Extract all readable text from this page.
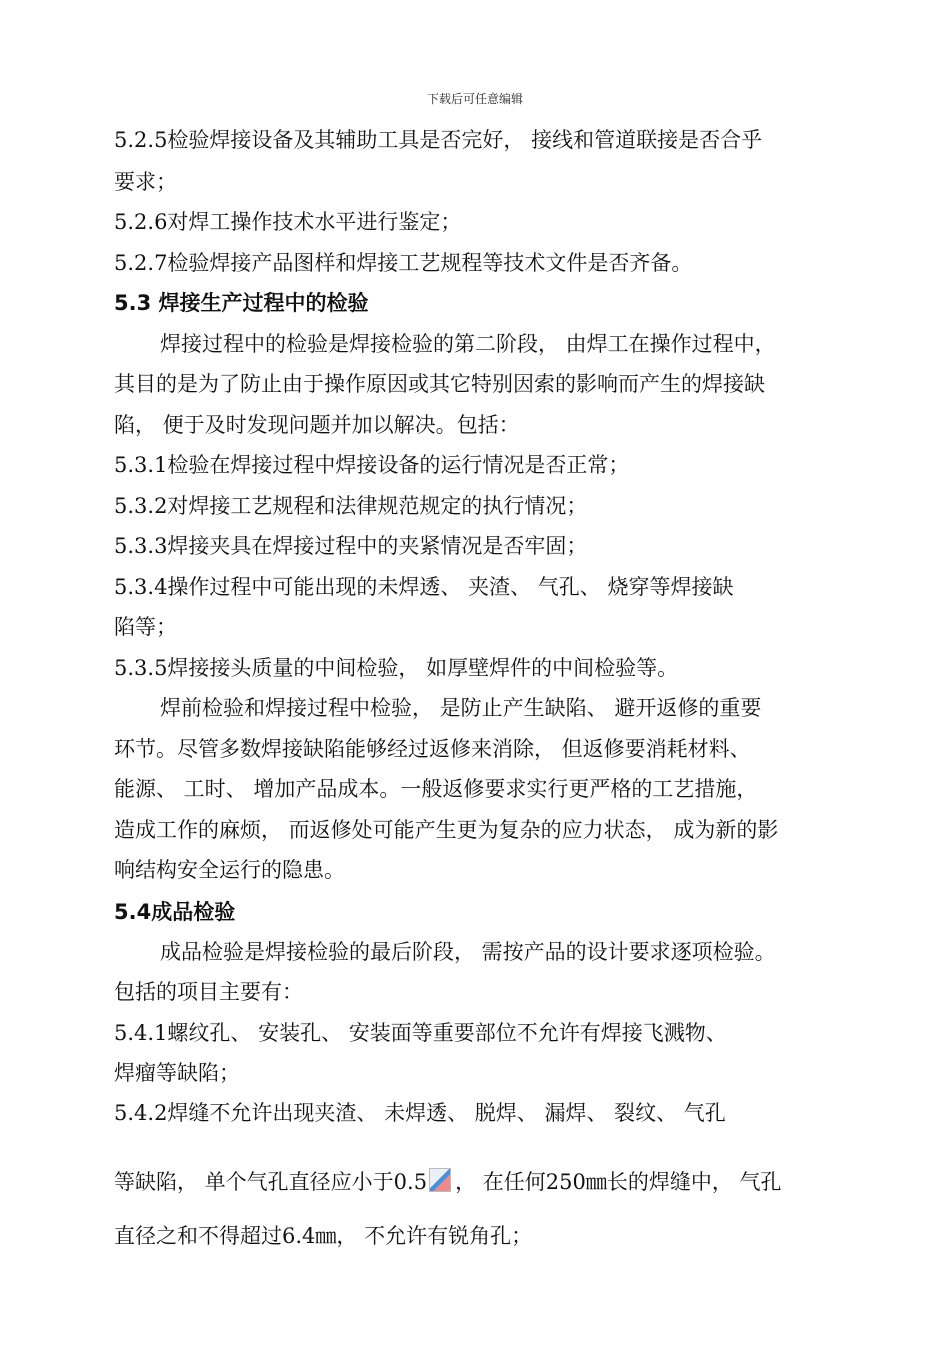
下载后可任意编辑
5.2.5检验焊接设备及其辅助工具是否完好， 接线和管道联接是否合乎
要求；
5.2.6对焊工操作技术水平进行鉴定；
5.2.7检验焊接产品图样和焊接工艺规程等技术文件是否齐备。
5.3 焊接生产过程中的检验
焊接过程中的检验是焊接检验的第二阶段， 由焊工在操作过程中，
其目的是为了防止由于操作原因或其它特别因索的影响而产生的焊接缺
陷， 便于及时发现问题并加以解决。包括：
5.3.1检验在焊接过程中焊接设备的运行情况是否正常；
5.3.2对焊接工艺规程和法律规范规定的执行情况；
5.3.3焊接夹具在焊接过程中的夹紧情况是否牢固；
5.3.4操作过程中可能出现的未焊透、 夹渣、 气孔、 烧穿等焊接缺
陷等；
5.3.5焊接接头质量的中间检验， 如厚壁焊件的中间检验等。
焊前检验和焊接过程中检验， 是防止产生缺陷、 避开返修的重要
环节。尽管多数焊接缺陷能够经过返修来消除， 但返修要消耗材料、
能源、 工时、 增加产品成本。一般返修要求实行更严格的工艺措施，
造成工作的麻烦， 而返修处可能产生更为复杂的应力状态， 成为新的影
响结构安全运行的隐患。
5.4成品检验
成品检验是焊接检验的最后阶段， 需按产品的设计要求逐项检验。
包括的项目主要有：
5.4.1螺纹孔、 安装孔、 安装面等重要部位不允许有焊接飞溅物、
焊瘤等缺陷；
5.4.2焊缝不允许出现夹渣、 未焊透、 脱焊、 漏焊、 裂纹、 气孔
等缺陷， 单个气孔直径应小于0.5 ， 在任何250㎜长的焊缝中， 气孔
直径之和不得超过6.4㎜， 不允许有锐角孔；
